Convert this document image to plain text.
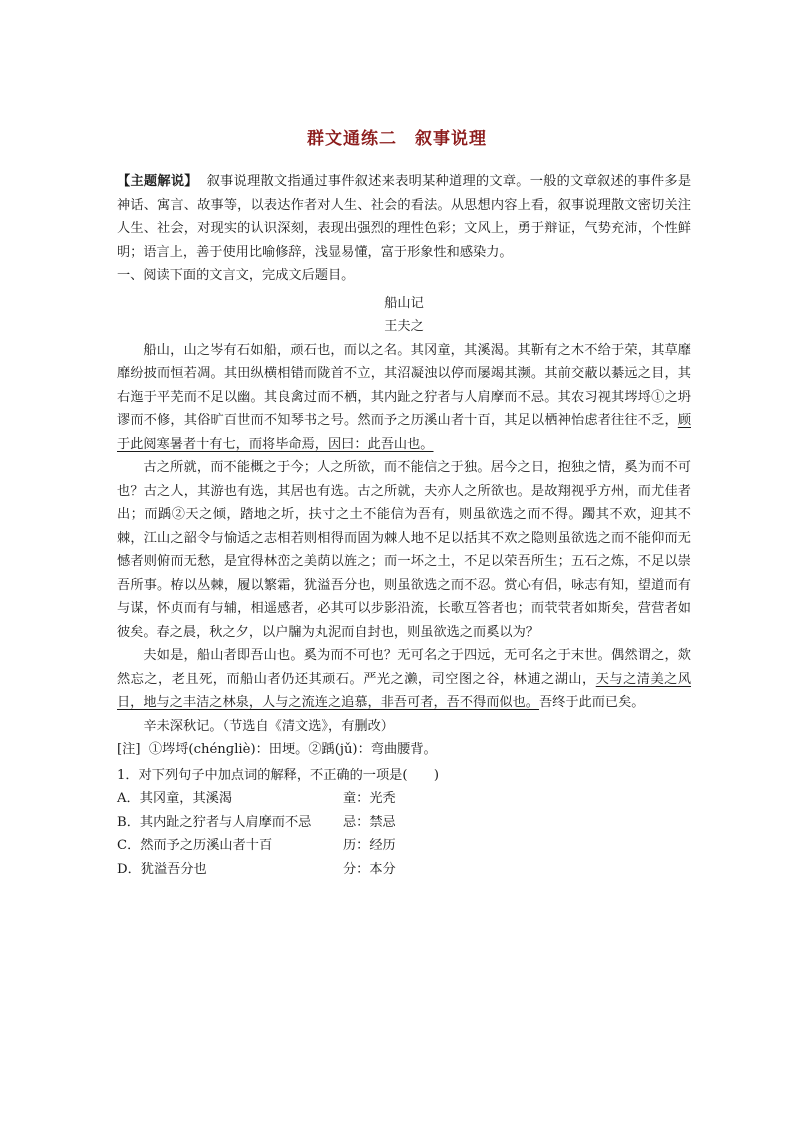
群文通练二　叙事说理

【主题解说】 叙事说理散文指通过事件叙述来表明某种道理的文章。一般的文章叙述的事件多是神话、寓言、故事等，以表达作者对人生、社会的看法。从思想内容上看，叙事说理散文密切关注人生、社会，对现实的认识深刻，表现出强烈的理性色彩；文风上，勇于辩证，气势充沛，个性鲜明；语言上，善于使用比喻修辞，浅显易懂，富于形象性和感染力。

一、阅读下面的文言文，完成文后题目。

船山记

王夫之

船山，山之岑有石如船，顽石也，而以之名。其冈童，其溪渴。其靳有之木不给于荣，其草靡靡纷披而恒若凋。其田纵横相错而陇首不立，其沼凝浊以停而屡竭其濒。其前交蔽以綦远之目，其右迤于平芜而不足以幽。其良禽过而不栖，其内趾之狞者与人肩摩而不忌。其农习视其埁埒①之坍谬而不修，其俗旷百世而不知琴书之号。然而予之历溪山者十百，其足以栖神怡虑者往往不乏，顾于此阅寒暑者十有七，而将毕命焉，因曰：此吾山也。

古之所就，而不能概之于今；人之所欲，而不能信之于独。居今之日，抱独之情，奚为而不可也？古之人，其游也有选，其居也有选。古之所就，夫亦人之所欲也。是故翔视乎方州，而尤佳者出；而踽②天之倾，踏地之圻，扶寸之土不能信为吾有，则虽欲选之而不得。躅其不欢，迎其不棘，江山之韶令与愉适之志相若则相得而固为棘人地不足以括其不欢之隐则虽欲选之而不能仰而无憾者则俯而无愁，是宜得林峦之美荫以旌之；而一坏之土，不足以荣吾所生；五石之炼，不足以崇吾所事。栫以丛棘，履以繁霜，犹溢吾分也，则虽欲选之而不忍。赏心有侣，咏志有知，望道而有与谋，怀贞而有与辅，相遥感者，必其可以步影沿流，长歌互答者也；而茕茕者如斯矣，营营者如彼矣。春之晨，秋之夕，以户牖为丸泥而自封也，则虽欲选之而奚以为？

夫如是，船山者即吾山也。奚为而不可也？无可名之于四远，无可名之于末世。偶然谓之，欻然忘之，老且死，而船山者仍还其顽石。严光之濑，司空图之谷，林逋之湖山，天与之清美之风日，地与之丰洁之林泉，人与之流连之追慕，非吾可者，吾不得而似也。吾终于此而已矣。

辛未深秋记。（节选自《清文选》，有删改）

[注] ①埁埒(chénɡliè)：田埂。②踽(jǔ)：弯曲腰背。

1．对下列句子中加点词的解释，不正确的一项是(　　)

A．其冈童，其溪渴	童：光秃
B．其内趾之狞者与人肩摩而不忌	忌：禁忌
C．然而予之历溪山者十百	历：经历
D．犹溢吾分也	分：本分
